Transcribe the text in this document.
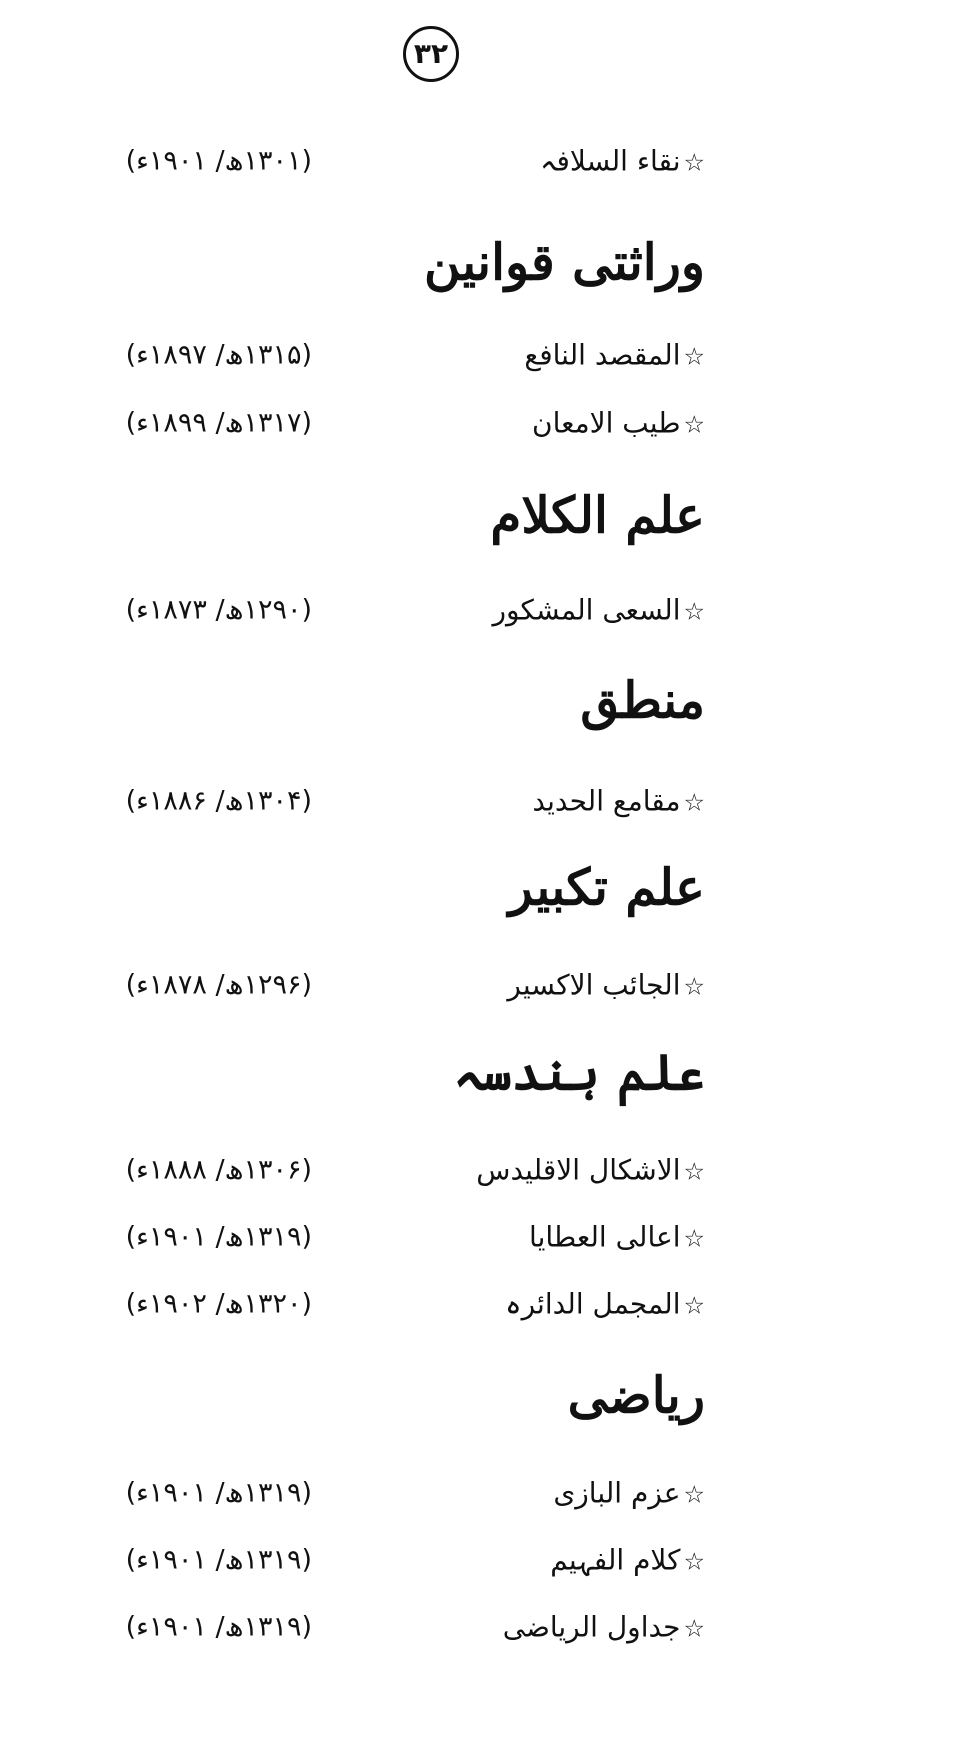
۳۲
☆نقاء السلافہ
(۱۳۰۱ھ/ ۱۹۰۱ء)
وراثتی قوانین
☆المقصد النافع
(۱۳۱۵ھ/ ۱۸۹۷ء)
☆طیب الامعان
(۱۳۱۷ھ/ ۱۸۹۹ء)
علم الکلام
☆السعی المشکور
(۱۲۹۰ھ/ ۱۸۷۳ء)
منطق
☆مقامع الحدید
(۱۳۰۴ھ/ ۱۸۸۶ء)
علم تکبیر
☆الجائب الاکسیر
(۱۲۹۶ھ/ ۱۸۷۸ء)
علم ہندسہ
☆الاشکال الاقلیدس
(۱۳۰۶ھ/ ۱۸۸۸ء)
☆اعالی العطایا
(۱۳۱۹ھ/ ۱۹۰۱ء)
☆المجمل الدائرہ
(۱۳۲۰ھ/ ۱۹۰۲ء)
ریاضی
☆عزم البازی
(۱۳۱۹ھ/ ۱۹۰۱ء)
☆کلام الفہیم
(۱۳۱۹ھ/ ۱۹۰۱ء)
☆جداول الریاضی
(۱۳۱۹ھ/ ۱۹۰۱ء)
